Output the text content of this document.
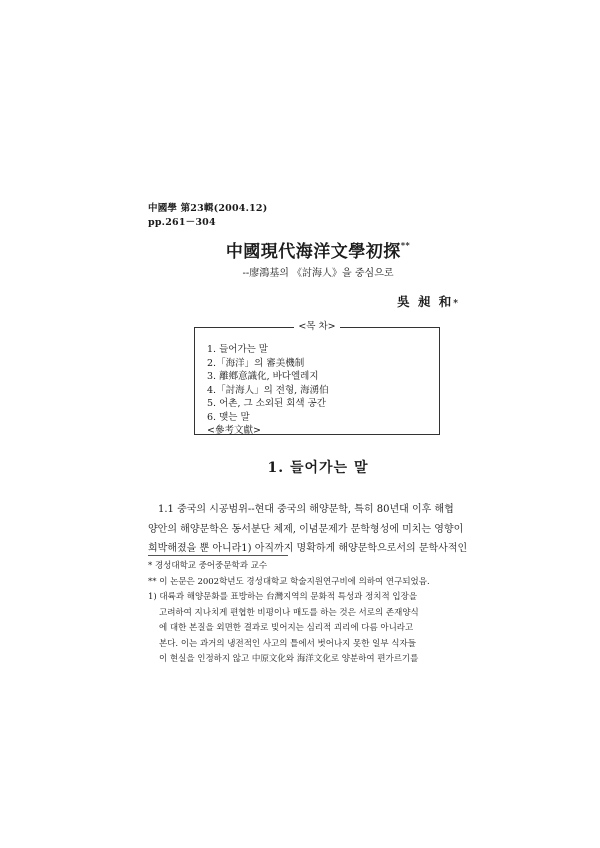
中國學 第23輯(2004.12)
pp.261－304
中國現代海洋文學初探**
--廖鴻基의 《討海人》을 중심으로
吳 昶 和*
<목 차>
1. 들어가는 말
2.「海洋」의 審美機制
3. 離鄕意識化, 바다엘레지
4.「討海人」의 전형, 海湧伯
5. 어촌, 그 소외된 회색 공간
6. 맺는 말
<參考文獻>
1. 들어가는 말
1.1 중국의 시공범위--현대 중국의 해양문학, 특히 80년대 이후 해협
양안의 해양문학은 동서분단 체제, 이념문제가 문학형성에 미치는 영향이
희박해졌을 뿐 아니라1) 아직까지 명확하게 해양문학으로서의 문학사적인
* 경성대학교 중어중문학과 교수
** 이 논문은 2002학년도 경성대학교 학술지원연구비에 의하여 연구되었음.
1) 대륙과 해양문화를 표방하는 台灣지역의 문화적 특성과 정치적 입장을
고려하여 지나치게 편협한 비평이나 매도를 하는 것은 서로의 존재양식
에 대한 본질을 외면한 결과로 빚어지는 심리적 괴리에 다름 아니라고
본다. 이는 과거의 냉전적인 사고의 틀에서 벗어나지 못한 일부 식자들
이 현실을 인정하지 않고 中原文化와 海洋文化로 양분하여 편가르기를
